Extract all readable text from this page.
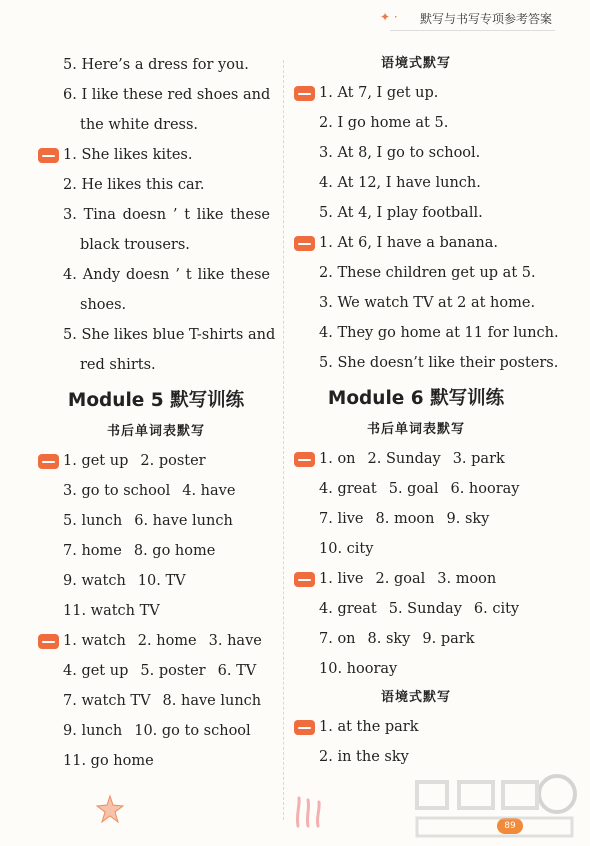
✦ · 默写与书写专项参考答案
5. Here’s a dress for you.
6. I like these red shoes and
the white dress.
1. She likes kites.
2. He likes this car.
3. Tina doesn ’ t like these
black trousers.
4. Andy doesn ’ t like these
shoes.
5. She likes blue T-shirts and
red shirts.
Module 5 默写训练
书后单词表默写
1. get up 2. poster
3. go to school 4. have
5. lunch 6. have lunch
7. home 8. go home
9. watch 10. TV
11. watch TV
1. watch 2. home 3. have
4. get up 5. poster 6. TV
7. watch TV 8. have lunch
9. lunch 10. go to school
11. go home
语境式默写
1. At 7, I get up.
2. I go home at 5.
3. At 8, I go to school.
4. At 12, I have lunch.
5. At 4, I play football.
1. At 6, I have a banana.
2. These children get up at 5.
3. We watch TV at 2 at home.
4. They go home at 11 for lunch.
5. She doesn’t like their posters.
Module 6 默写训练
书后单词表默写
1. on 2. Sunday 3. park
4. great 5. goal 6. hooray
7. live 8. moon 9. sky
10. city
1. live 2. goal 3. moon
4. great 5. Sunday 6. city
7. on 8. sky 9. park
10. hooray
语境式默写
1. at the park
2. in the sky
89
